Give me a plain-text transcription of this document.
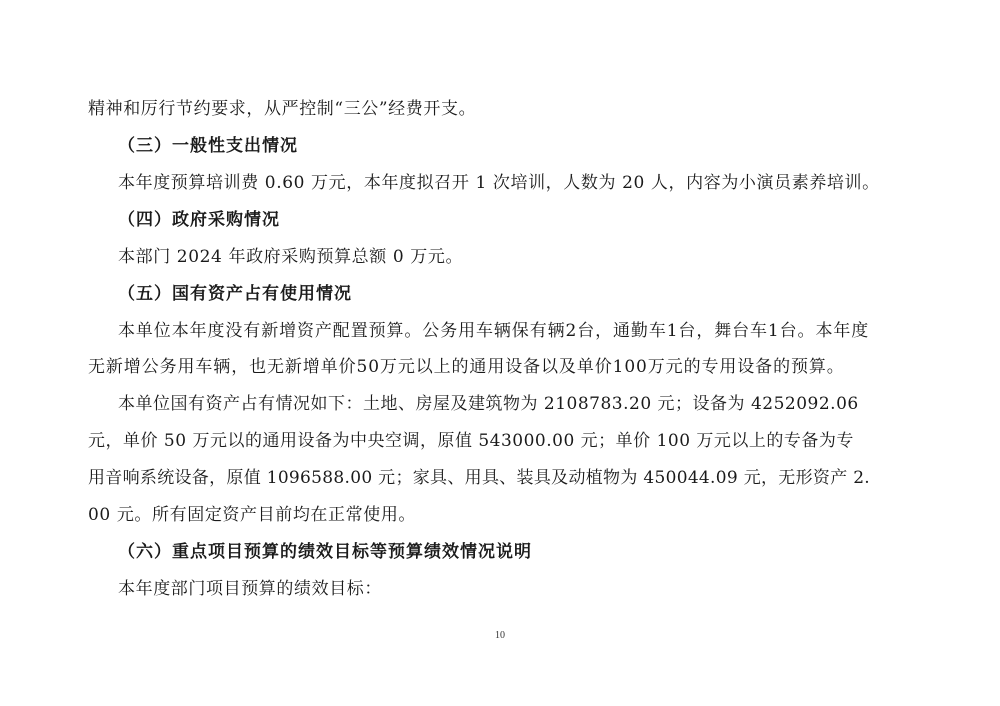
精神和厉行节约要求，从严控制“三公”经费开支。
（三）一般性支出情况
本年度预算培训费 0.60 万元，本年度拟召开 1 次培训，人数为 20 人，内容为小演员素养培训。
（四）政府采购情况
本部门 2024 年政府采购预算总额 0 万元。
（五）国有资产占有使用情况
本单位本年度没有新增资产配置预算。公务用车辆保有辆2台，通勤车1台，舞台车1台。本年度
无新增公务用车辆，也无新增单价50万元以上的通用设备以及单价100万元的专用设备的预算。
本单位国有资产占有情况如下：土地、房屋及建筑物为 2108783.20 元；设备为 4252092.06
元，单价 50 万元以的通用设备为中央空调，原值 543000.00 元；单价 100 万元以上的专备为专
用音响系统设备，原值 1096588.00 元；家具、用具、装具及动植物为 450044.09 元，无形资产 2.
00 元。所有固定资产目前均在正常使用。
（六）重点项目预算的绩效目标等预算绩效情况说明
本年度部门项目预算的绩效目标：
10
